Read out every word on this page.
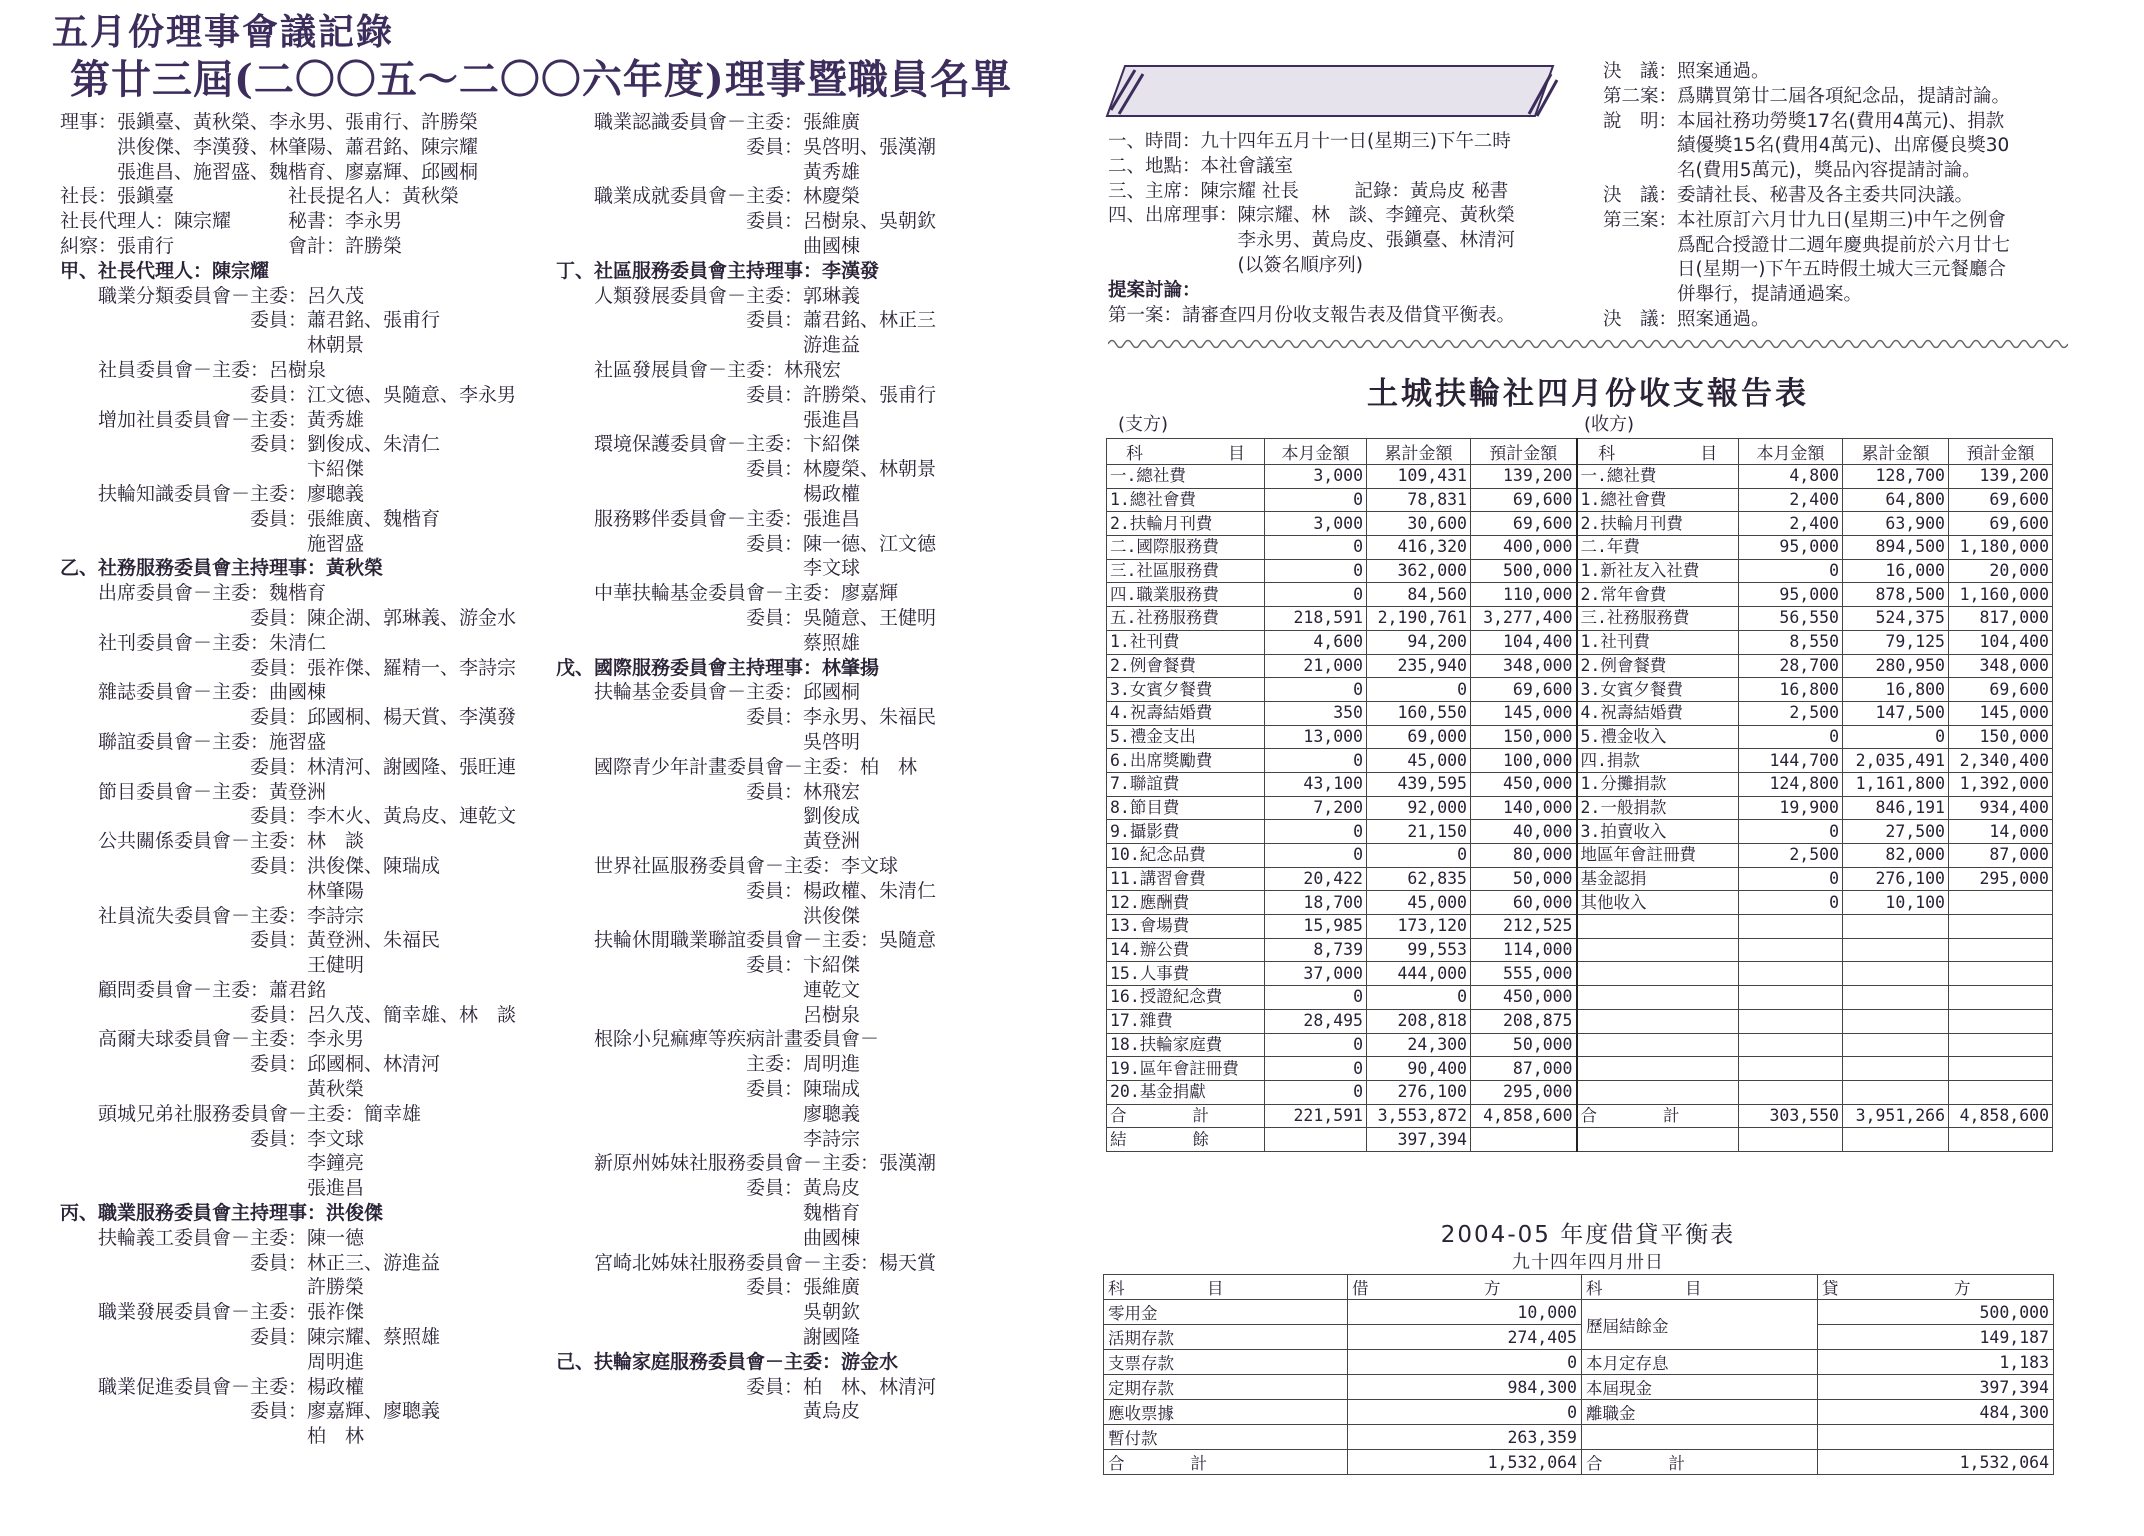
第廿三屆(二〇〇五～二〇〇六年度)理事暨職員名單
理事：張鎭臺、黃秋榮、李永男、張甫行、許勝榮
　　　洪俊傑、李漢發、林肇陽、蕭君銘、陳宗耀
　　　張進昌、施習盛、魏楷育、廖嘉輝、邱國桐
社長：張鎭臺　　　　　　社長提名人：黃秋榮
社長代理人：陳宗耀　　　秘書：李永男
糾察：張甫行　　　　　　會計：許勝榮
甲、社長代理人：陳宗耀
　　職業分類委員會－主委：呂久茂
　　　　　　　　　　委員：蕭君銘、張甫行
　　　　　　　　　　　　　林朝景
　　社員委員會－主委：呂樹泉
　　　　　　　　　　委員：江文德、吳隨意、李永男
　　增加社員委員會－主委：黃秀雄
　　　　　　　　　　委員：劉俊成、朱清仁
　　　　　　　　　　　　　卞紹傑
　　扶輪知識委員會－主委：廖聰義
　　　　　　　　　　委員：張維廣、魏楷育
　　　　　　　　　　　　　施習盛
乙、社務服務委員會主持理事：黃秋榮
　　出席委員會－主委：魏楷育
　　　　　　　　　　委員：陳企湖、郭琳義、游金水
　　社刊委員會－主委：朱清仁
　　　　　　　　　　委員：張祚傑、羅精一、李詩宗
　　雜誌委員會－主委：曲國棟
　　　　　　　　　　委員：邱國桐、楊天賞、李漢發
　　聯誼委員會－主委：施習盛
　　　　　　　　　　委員：林清河、謝國隆、張旺連
　　節目委員會－主委：黃登洲
　　　　　　　　　　委員：李木火、黃烏皮、連乾文
　　公共關係委員會－主委：林　談
　　　　　　　　　　委員：洪俊傑、陳瑞成
　　　　　　　　　　　　　林肇陽
　　社員流失委員會－主委：李詩宗
　　　　　　　　　　委員：黃登洲、朱福民
　　　　　　　　　　　　　王健明
　　顧問委員會－主委：蕭君銘
　　　　　　　　　　委員：呂久茂、簡幸雄、林　談
　　高爾夫球委員會－主委：李永男
　　　　　　　　　　委員：邱國桐、林清河
　　　　　　　　　　　　　黃秋榮
　　頭城兄弟社服務委員會－主委：簡幸雄
　　　　　　　　　　委員：李文球
　　　　　　　　　　　　　李鐘亮
　　　　　　　　　　　　　張進昌
丙、職業服務委員會主持理事：洪俊傑
　　扶輪義工委員會－主委：陳一德
　　　　　　　　　　委員：林正三、游進益
　　　　　　　　　　　　　許勝榮
　　職業發展委員會－主委：張祚傑
　　　　　　　　　　委員：陳宗耀、蔡照雄
　　　　　　　　　　　　　周明進
　　職業促進委員會－主委：楊政權
　　　　　　　　　　委員：廖嘉輝、廖聰義
　　　　　　　　　　　　　柏　林
　　職業認識委員會－主委：張維廣
　　　　　　　　　　委員：吳啓明、張漢潮
　　　　　　　　　　　　　黃秀雄
　　職業成就委員會－主委：林慶榮
　　　　　　　　　　委員：呂樹泉、吳朝欽
　　　　　　　　　　　　　曲國棟
丁、社區服務委員會主持理事：李漢發
　　人類發展委員會－主委：郭琳義
　　　　　　　　　　委員：蕭君銘、林正三
　　　　　　　　　　　　　游進益
　　社區發展員會－主委：林飛宏
　　　　　　　　　　委員：許勝榮、張甫行
　　　　　　　　　　　　　張進昌
　　環境保護委員會－主委：卞紹傑
　　　　　　　　　　委員：林慶榮、林朝景
　　　　　　　　　　　　　楊政權
　　服務夥伴委員會－主委：張進昌
　　　　　　　　　　委員：陳一德、江文德
　　　　　　　　　　　　　李文球
　　中華扶輪基金委員會－主委：廖嘉輝
　　　　　　　　　　委員：吳隨意、王健明
　　　　　　　　　　　　　蔡照雄
戊、國際服務委員會主持理事：林肇揚
　　扶輪基金委員會－主委：邱國桐
　　　　　　　　　　委員：李永男、朱福民
　　　　　　　　　　　　　吳啓明
　　國際青少年計畫委員會－主委：柏　林
　　　　　　　　　　委員：林飛宏
　　　　　　　　　　　　　劉俊成
　　　　　　　　　　　　　黃登洲
　　世界社區服務委員會－主委：李文球
　　　　　　　　　　委員：楊政權、朱清仁
　　　　　　　　　　　　　洪俊傑
　　扶輪休閒職業聯誼委員會－主委：吳隨意
　　　　　　　　　　委員：卞紹傑
　　　　　　　　　　　　　連乾文
　　　　　　　　　　　　　呂樹泉
　　根除小兒痲痺等疾病計畫委員會－
　　　　　　　　　　主委：周明進
　　　　　　　　　　委員：陳瑞成
　　　　　　　　　　　　　廖聰義
　　　　　　　　　　　　　李詩宗
　　新原州姊妹社服務委員會－主委：張漢潮
　　　　　　　　　　委員：黃烏皮
　　　　　　　　　　　　　魏楷育
　　　　　　　　　　　　　曲國棟
　　宮崎北姊妹社服務委員會－主委：楊天賞
　　　　　　　　　　委員：張維廣
　　　　　　　　　　　　　吳朝欽
　　　　　　　　　　　　　謝國隆
己、扶輪家庭服務委員會－主委：游金水
　　　　　　　　　　委員：柏　林、林清河
　　　　　　　　　　　　　黃烏皮
五月份理事會議記錄
一、時間：九十四年五月十一日(星期三)下午二時
二、地點：本社會議室
三、主席：陳宗耀 社長　　　記錄：黃烏皮 秘書
四、出席理事：陳宗耀、林　談、李鐘亮、黃秋榮
　　　　　　　李永男、黃烏皮、張鎭臺、林清河
　　　　　　　(以簽名順序列)
提案討論：
第一案：請審查四月份收支報告表及借貸平衡表。
決　議：照案通過。
第二案：爲購買第廿二屆各項紀念品，提請討論。
說　明：本屆社務功勞獎17名(費用4萬元)、捐款
　　　　績優獎15名(費用4萬元)、出席優良獎30
　　　　名(費用5萬元)，獎品內容提請討論。
決　議：委請社長、秘書及各主委共同決議。
第三案：本社原訂六月廿九日(星期三)中午之例會
　　　　爲配合授證廿二週年慶典提前於六月廿七
　　　　日(星期一)下午五時假土城大三元餐廳合
　　　　併舉行，提請通過案。
決　議：照案通過。
土城扶輪社四月份收支報告表
(支方)	(收方)
科　　　　　目	本月金額	累計金額	預計金額	科　　　　　目	本月金額	累計金額	預計金額
一.總社費	3,000	109,431	139,200	一.總社費	4,800	128,700	139,200
1.總社會費	0	78,831	69,600	1.總社會費	2,400	64,800	69,600
2.扶輪月刊費	3,000	30,600	69,600	2.扶輪月刊費	2,400	63,900	69,600
二.國際服務費	0	416,320	400,000	二.年費	95,000	894,500	1,180,000
三.社區服務費	0	362,000	500,000	1.新社友入社費	0	16,000	20,000
四.職業服務費	0	84,560	110,000	2.常年會費	95,000	878,500	1,160,000
五.社務服務費	218,591	2,190,761	3,277,400	三.社務服務費	56,550	524,375	817,000
1.社刊費	4,600	94,200	104,400	1.社刊費	8,550	79,125	104,400
2.例會餐費	21,000	235,940	348,000	2.例會餐費	28,700	280,950	348,000
3.女賓夕餐費	0	0	69,600	3.女賓夕餐費	16,800	16,800	69,600
4.祝壽結婚費	350	160,550	145,000	4.祝壽結婚費	2,500	147,500	145,000
5.禮金支出	13,000	69,000	150,000	5.禮金收入	0	0	150,000
6.出席獎勵費	0	45,000	100,000	四.捐款	144,700	2,035,491	2,340,400
7.聯誼費	43,100	439,595	450,000	1.分攤捐款	124,800	1,161,800	1,392,000
8.節目費	7,200	92,000	140,000	2.一般捐款	19,900	846,191	934,400
9.攝影費	0	21,150	40,000	3.拍賣收入	0	27,500	14,000
10.紀念品費	0	0	80,000	地區年會註冊費	2,500	82,000	87,000
11.講習會費	20,422	62,835	50,000	基金認捐	0	276,100	295,000
12.應酬費	18,700	45,000	60,000	其他收入	0	10,100	
13.會場費	15,985	173,120	212,525				
14.辦公費	8,739	99,553	114,000				
15.人事費	37,000	444,000	555,000				
16.授證紀念費	0	0	450,000				
17.雜費	28,495	208,818	208,875				
18.扶輪家庭費	0	24,300	50,000				
19.區年會註冊費	0	90,400	87,000				
20.基金捐獻	0	276,100	295,000				
合　　　　計	221,591	3,553,872	4,858,600	合　　　　計	303,550	3,951,266	4,858,600
結　　　　餘		397,394					
2004-05 年度借貸平衡表
九十四年四月卅日
科　　　　　目	借　　　　　　　方	科　　　　　目	貸　　　　　　　方
零用金	10,000	歷屆結餘金	500,000
活期存款	274,405		149,187
支票存款	0	本月定存息	1,183
定期存款	984,300	本屆現金	397,394
應收票據	0	離職金	484,300
暫付款	263,359		
合　　　　計	1,532,064	合　　　　計	1,532,064
